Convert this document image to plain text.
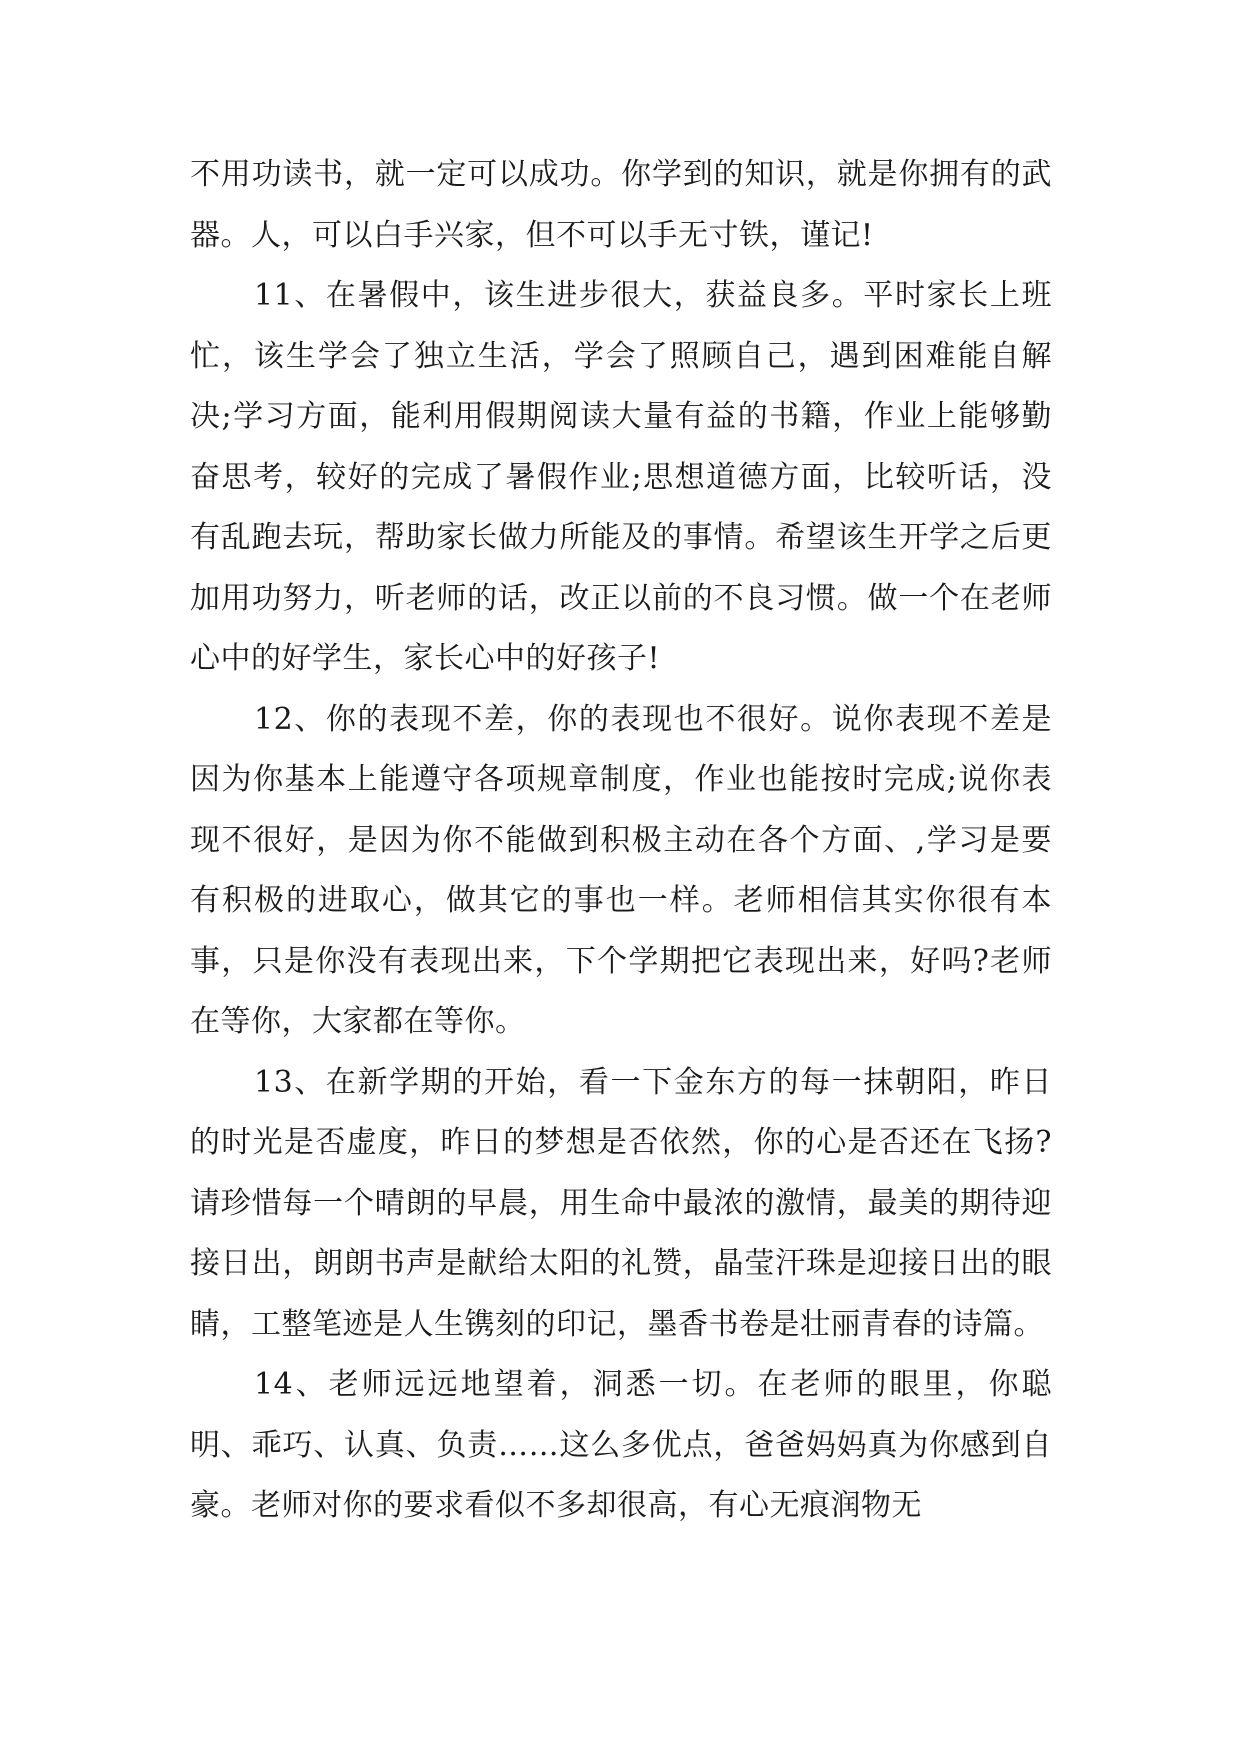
不用功读书，就一定可以成功。你学到的知识，就是你拥有的武器。人，可以白手兴家，但不可以手无寸铁，谨记!

11、在暑假中，该生进步很大，获益良多。平时家长上班忙，该生学会了独立生活，学会了照顾自己，遇到困难能自解决;学习方面，能利用假期阅读大量有益的书籍，作业上能够勤奋思考，较好的完成了暑假作业;思想道德方面，比较听话，没有乱跑去玩，帮助家长做力所能及的事情。希望该生开学之后更加用功努力，听老师的话，改正以前的不良习惯。做一个在老师心中的好学生，家长心中的好孩子!

12、你的表现不差，你的表现也不很好。说你表现不差是因为你基本上能遵守各项规章制度，作业也能按时完成;说你表现不很好，是因为你不能做到积极主动在各个方面、,学习是要有积极的进取心，做其它的事也一样。老师相信其实你很有本事，只是你没有表现出来，下个学期把它表现出来，好吗?老师在等你，大家都在等你。

13、在新学期的开始，看一下金东方的每一抹朝阳，昨日的时光是否虚度，昨日的梦想是否依然，你的心是否还在飞扬?请珍惜每一个晴朗的早晨，用生命中最浓的激情，最美的期待迎接日出，朗朗书声是献给太阳的礼赞，晶莹汗珠是迎接日出的眼睛，工整笔迹是人生镌刻的印记，墨香书卷是壮丽青春的诗篇。

14、老师远远地望着，洞悉一切。在老师的眼里，你聪明、乖巧、认真、负责……这么多优点，爸爸妈妈真为你感到自豪。老师对你的要求看似不多却很高，有心无痕润物无
